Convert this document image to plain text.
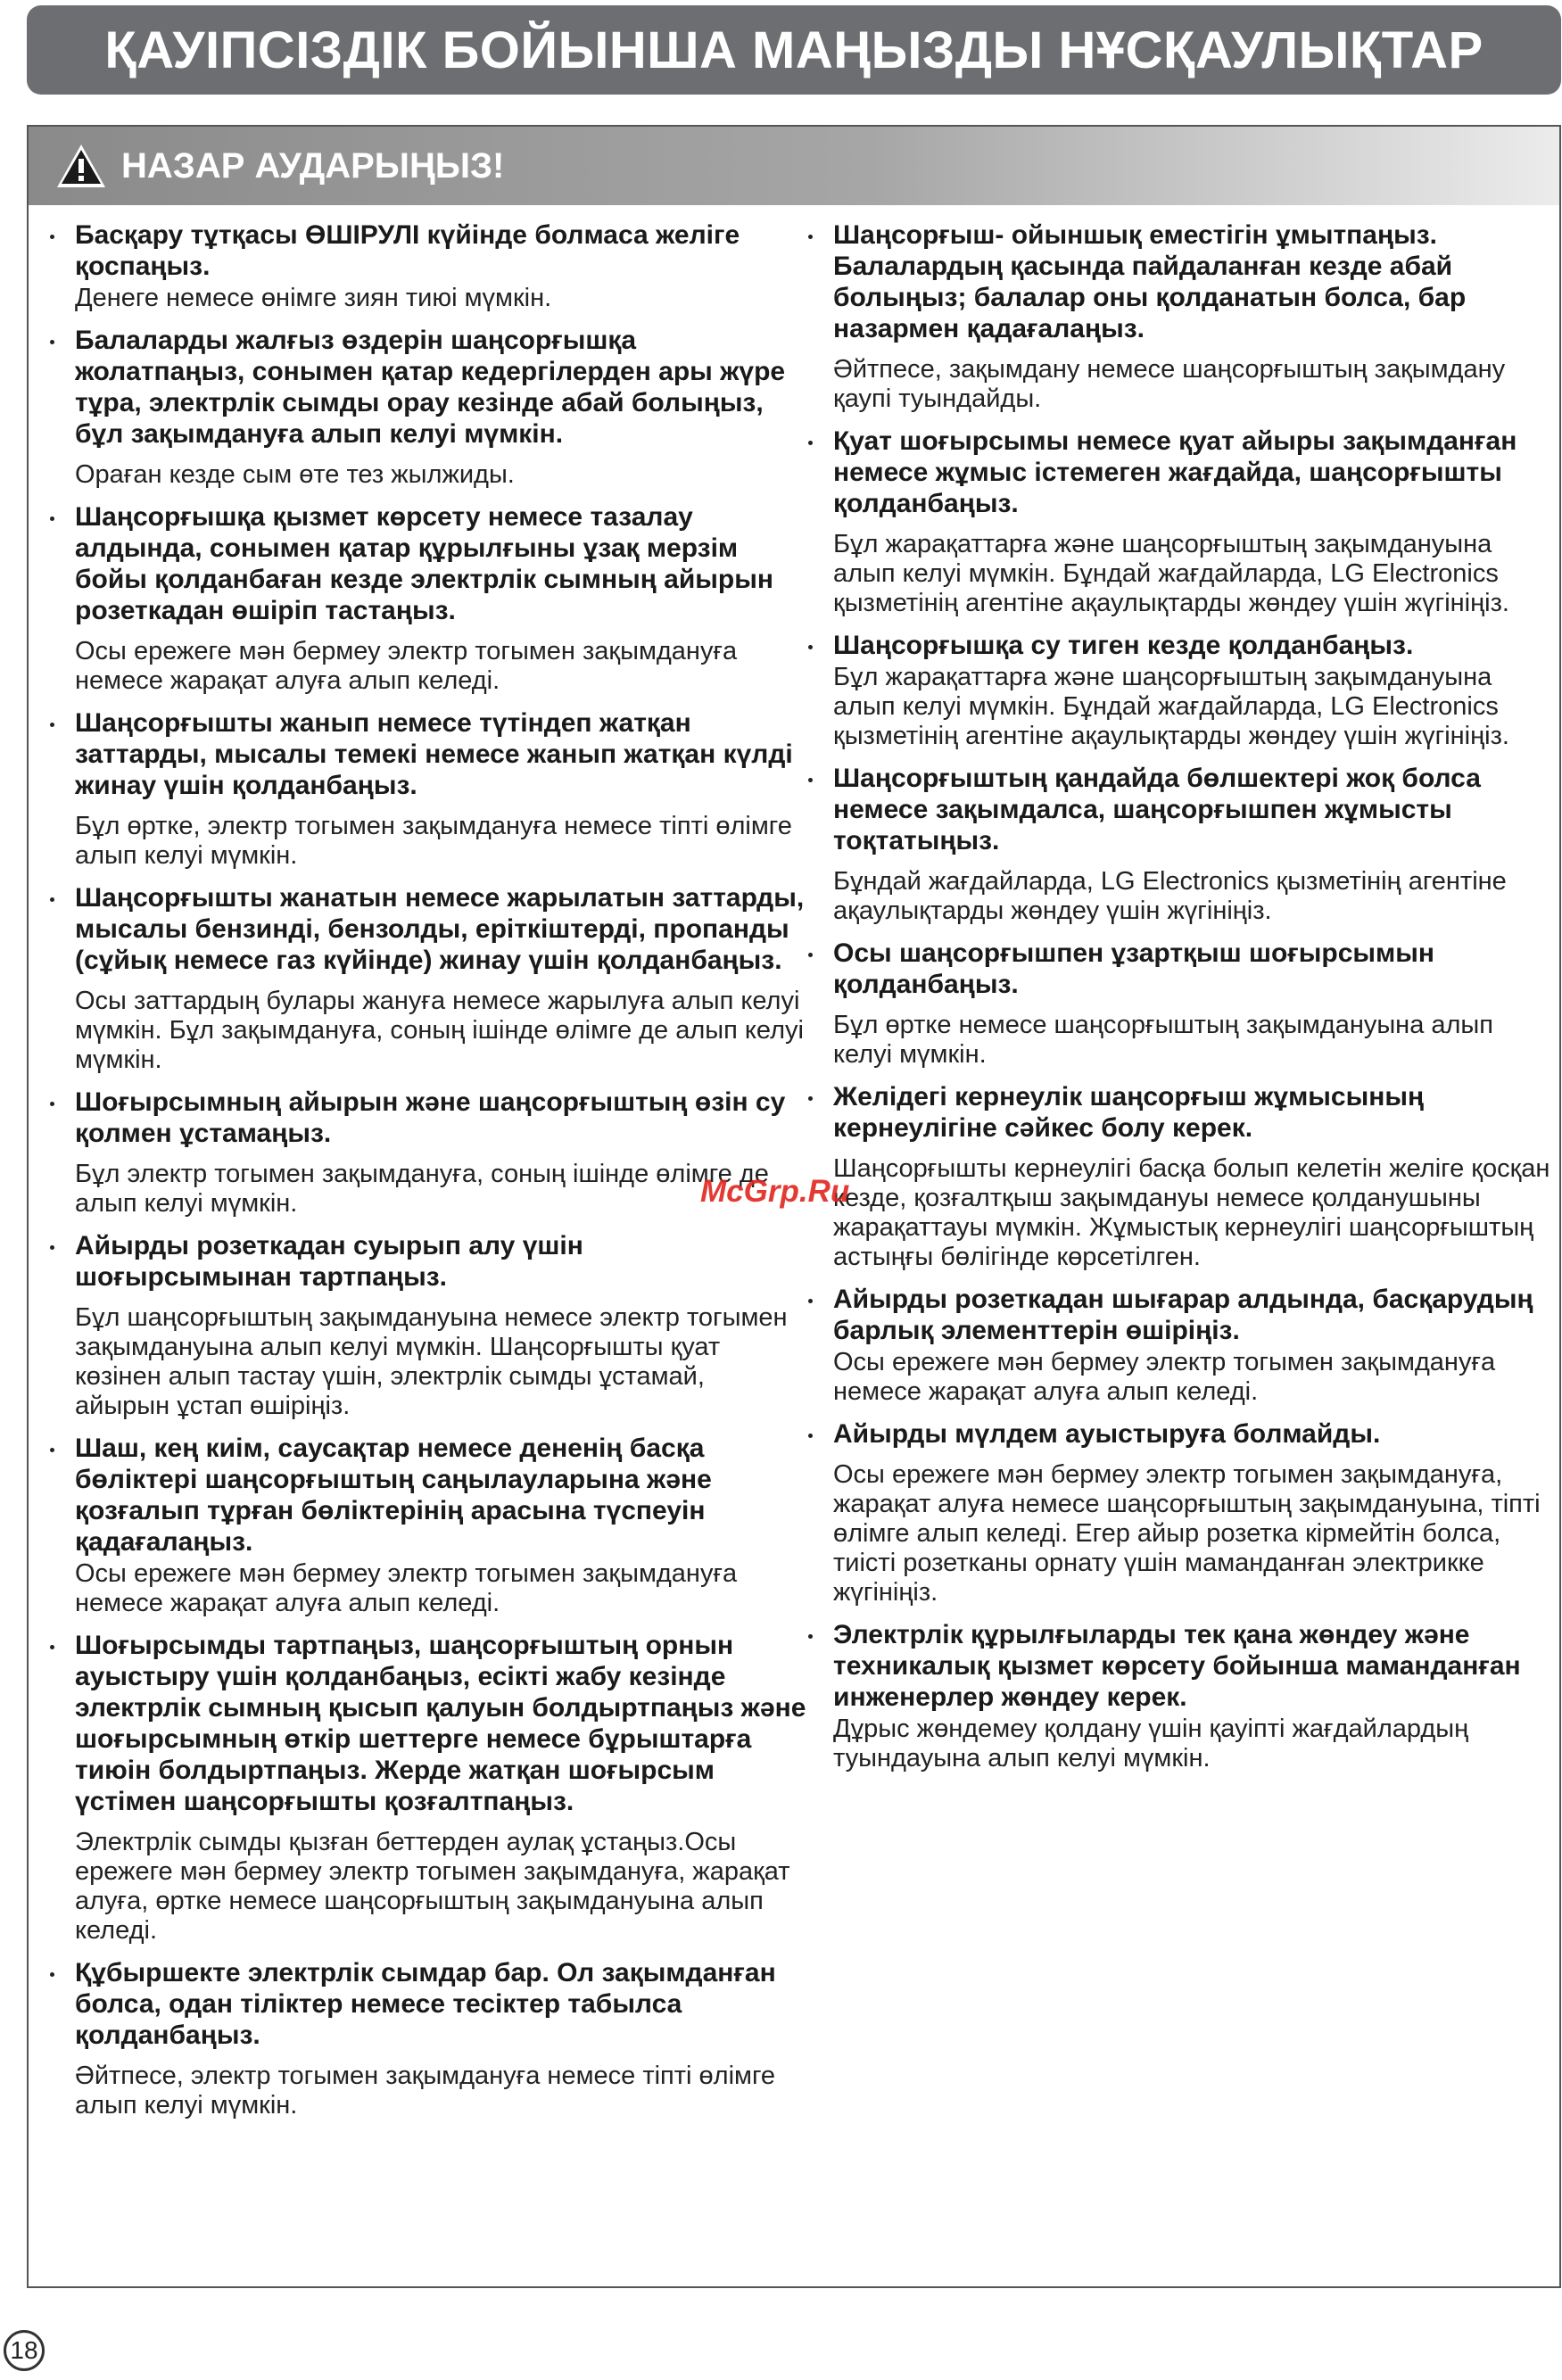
ҚАУІПСІЗДІК БОЙЫНША МАҢЫЗДЫ НҰСҚАУЛЫҚТАР
НАЗАР АУДАРЫҢЫЗ!

Басқару тұтқасы ӨШІРУЛІ күйінде болмаса желіге қоспаңыз.

Денеге немесе өнімге зиян тиюі мүмкін.

Балаларды жалғыз өздерін шаңсорғышқа жолатпаңыз, сонымен қатар кедергілерден ары жүре тұра, электрлік сымды орау кезінде абай болыңыз, бұл зақымдануға алып келуі мүмкін.

Ораған кезде сым өте тез жылжиды.

Шаңсорғышқа қызмет көрсету немесе тазалау алдында, сонымен қатар құрылғыны ұзақ мерзім бойы қолданбаған кезде электрлік сымның айырын розеткадан өшіріп тастаңыз.

Осы ережеге мән бермеу электр тогымен зақымдануға немесе жарақат алуға алып келеді.

Шаңсорғышты жанып немесе түтіндеп жатқан заттарды, мысалы темекі немесе жанып жатқан күлді жинау үшін қолданбаңыз.

Бұл өртке, электр тогымен зақымдануға немесе тіпті өлімге алып келуі мүмкін.

Шаңсорғышты жанатын немесе жарылатын заттарды, мысалы бензинді, бензолды, еріткіштерді, пропанды (сұйық немесе газ күйінде) жинау үшін қолданбаңыз.

Осы заттардың булары жануға немесе жарылуға алып келуі мүмкін. Бұл зақымдануға, соның ішінде өлімге де алып келуі мүмкін.

Шоғырсымның айырын және шаңсорғыштың өзін су қолмен ұстамаңыз.

Бұл электр тогымен зақымдануға, соның ішінде өлімге де алып келуі мүмкін.

Айырды розеткадан суырып алу үшін шоғырсымынан тартпаңыз.

Бұл шаңсорғыштың зақымдануына немесе электр тогымен зақымдануына алып келуі мүмкін. Шаңсорғышты қуат көзінен алып тастау үшін, электрлік сымды ұстамай, айырын ұстап өшіріңіз.

Шаш, кең киім, саусақтар немесе дененің басқа бөліктері шаңсорғыштың саңылауларына және қозғалып тұрған бөліктерінің арасына түспеуін қадағалаңыз.

Осы ережеге мән бермеу электр тогымен зақымдануға немесе жарақат алуға алып келеді.

Шоғырсымды тартпаңыз, шаңсорғыштың орнын ауыстыру үшін қолданбаңыз, есікті жабу кезінде электрлік сымның қысып қалуын болдыртпаңыз және шоғырсымның өткір шеттерге немесе бұрыштарға тиюін болдыртпаңыз. Жерде жатқан шоғырсым үстімен шаңсорғышты қозғалтпаңыз.

Электрлік сымды қызған беттерден аулақ ұстаңыз.Осы ережеге мән бермеу электр тогымен зақымдануға, жарақат алуға, өртке немесе шаңсорғыштың зақымдануына алып келеді.

Құбыршекте электрлік сымдар бар. Ол зақымданған болса, одан тіліктер немесе тесіктер табылса қолданбаңыз.

Әйтпесе, электр тогымен зақымдануға немесе тіпті өлімге алып келуі мүмкін.

Шаңсорғыш- ойыншық еместігін ұмытпаңыз. Балалардың қасында пайдаланған кезде абай болыңыз; балалар оны қолданатын болса, бар назармен қадағалаңыз.

Әйтпесе, зақымдану немесе шаңсорғыштың зақымдану қаупі туындайды.

Қуат шоғырсымы немесе қуат айыры зақымданған немесе жұмыс істемеген жағдайда, шаңсорғышты қолданбаңыз.

Бұл жарақаттарға және шаңсорғыштың зақымдануына алып келуі мүмкін. Бұндай жағдайларда, LG Electronics қызметінің агентіне ақаулықтарды жөндеу үшін жүгініңіз.

Шаңсорғышқа су тиген кезде қолданбаңыз.

Бұл жарақаттарға және шаңсорғыштың зақымдануына алып келуі мүмкін. Бұндай жағдайларда, LG Electronics қызметінің агентіне ақаулықтарды жөндеу үшін жүгініңіз.

Шаңсорғыштың қандайда бөлшектері жоқ болса немесе зақымдалса, шаңсорғышпен жұмысты тоқтатыңыз.

Бұндай жағдайларда, LG Electronics қызметінің агентіне ақаулықтарды жөндеу үшін жүгініңіз.

Осы шаңсорғышпен ұзартқыш шоғырсымын қолданбаңыз.

Бұл өртке немесе шаңсорғыштың зақымдануына алып келуі мүмкін.

Желідегі кернеулік шаңсорғыш жұмысының кернеулігіне сәйкес болу керек.

Шаңсорғышты кернеулігі басқа болып келетін желіге қосқан кезде, қозғалтқыш зақымдануы немесе қолданушыны жарақаттауы мүмкін. Жұмыстық кернеулігі шаңсорғыштың астыңғы бөлігінде көрсетілген.

Айырды розеткадан шығарар алдында, басқарудың барлық элементтерін өшіріңіз.

Осы ережеге мән бермеу электр тогымен зақымдануға немесе жарақат алуға алып келеді.

Айырды мүлдем ауыстыруға болмайды.

Осы ережеге мән бермеу электр тогымен зақымдануға, жарақат алуға немесе шаңсорғыштың зақымдануына, тіпті өлімге алып келеді. Егер айыр розетка кірмейтін болса, тиісті розетканы орнату үшін маманданған электрикке жүгініңіз.

Электрлік құрылғыларды тек қана жөндеу және техникалық қызмет көрсету бойынша маманданған инженерлер жөндеу керек.

Дұрыс жөндемеу қолдану үшін қауіпті жағдайлардың туындауына алып келуі мүмкін.

McGrp.Ru
18
